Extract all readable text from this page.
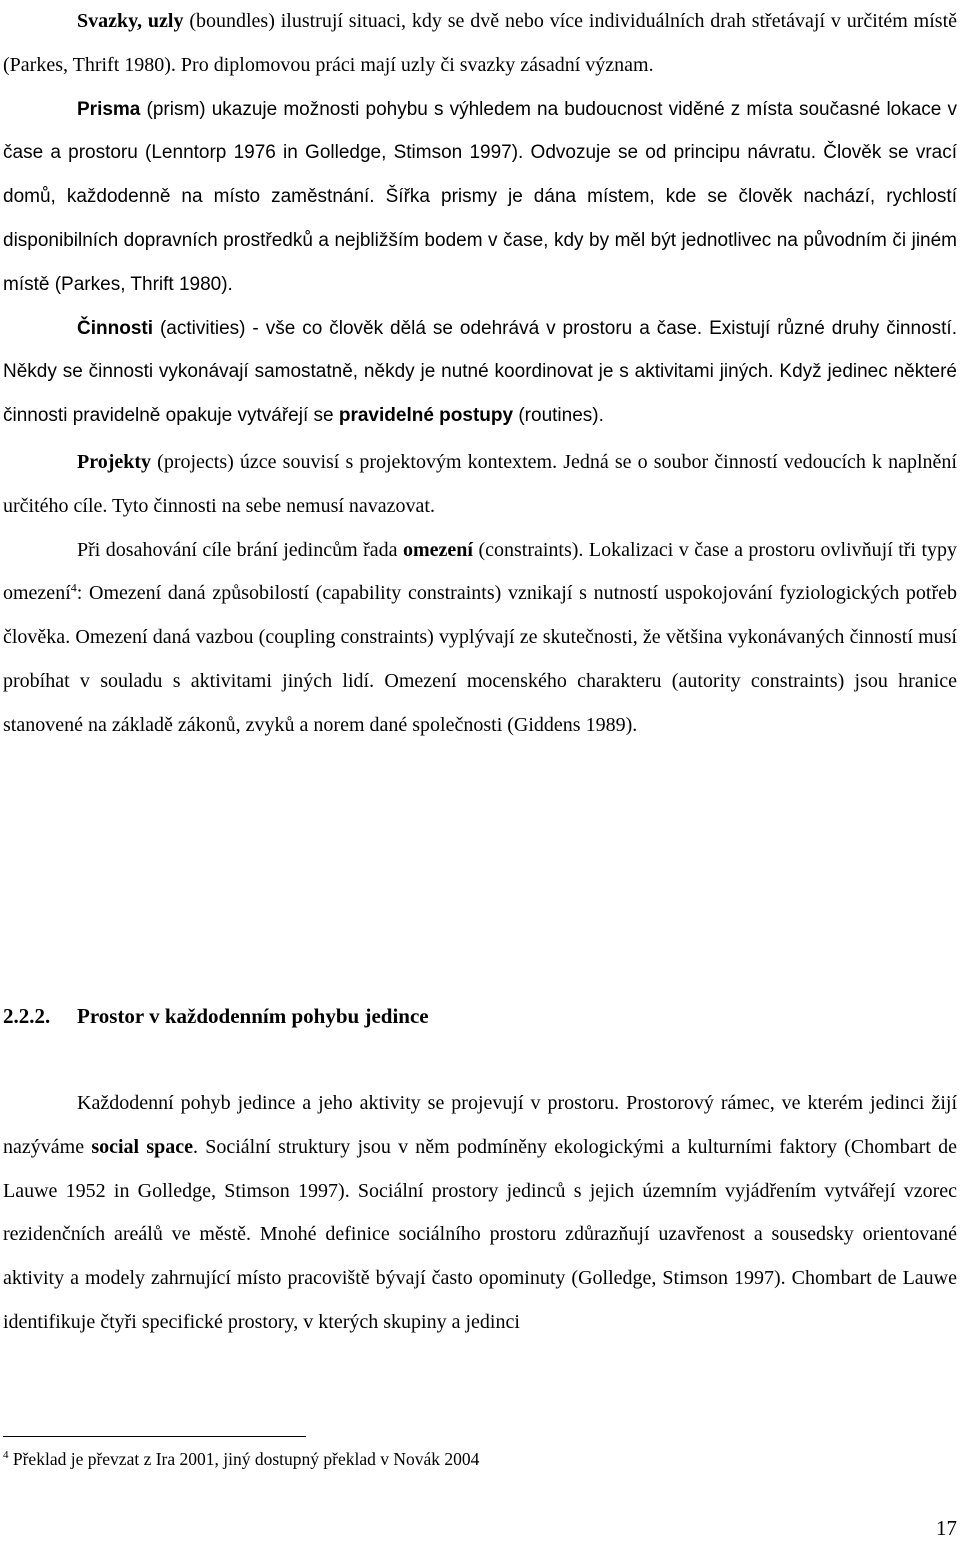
Svazky, uzly (boundles) ilustrují situaci, kdy se dvě nebo více individuálních drah střetávají v určitém místě (Parkes, Thrift 1980). Pro diplomovou práci mají uzly či svazky zásadní význam.

Prisma (prism) ukazuje možnosti pohybu s výhledem na budoucnost viděné z místa současné lokace v čase a prostoru (Lenntorp 1976 in Golledge, Stimson 1997). Odvozuje se od principu návratu. Člověk se vrací domů, každodenně na místo zaměstnání. Šířka prismy je dána místem, kde se člověk nachází, rychlostí disponibilních dopravních prostředků a nejbližším bodem v čase, kdy by měl být jednotlivec na původním či jiném místě (Parkes, Thrift 1980).

Činnosti (activities) - vše co člověk dělá se odehrává v prostoru a čase. Existují různé druhy činností. Někdy se činnosti vykonávají samostatně, někdy je nutné koordinovat je s aktivitami jiných. Když jedinec některé činnosti pravidelně opakuje vytvářejí se pravidelné postupy (routines).

Projekty (projects) úzce souvisí s projektovým kontextem. Jedná se o soubor činností vedoucích k naplnění určitého cíle. Tyto činnosti na sebe nemusí navazovat.

Při dosahování cíle brání jedincům řada omezení (constraints). Lokalizaci v čase a prostoru ovlivňují tři typy omezení$^4$: Omezení daná způsobilostí (capability constraints) vznikají s nutností uspokojování fyziologických potřeb člověka. Omezení daná vazbou (coupling constraints) vyplývají ze skutečnosti, že většina vykonávaných činností musí probíhat v souladu s aktivitami jiných lidí. Omezení mocenského charakteru (autority constraints) jsou hranice stanovené na základě zákonů, zvyků a norem dané společnosti (Giddens 1989).

2.2.2. Prostor v každodenním pohybu jedince

Každodenní pohyb jedince a jeho aktivity se projevují v prostoru. Prostorový rámec, ve kterém jedinci žijí nazýváme social space. Sociální struktury jsou v něm podmíněny ekologickými a kulturními faktory (Chombart de Lauwe 1952 in Golledge, Stimson 1997). Sociální prostory jedinců s jejich územním vyjádřením vytvářejí vzorec rezidenčních areálů ve městě. Mnohé definice sociálního prostoru zdůrazňují uzavřenost a sousedsky orientované aktivity a modely zahrnující místo pracoviště bývají často opominuty (Golledge, Stimson 1997). Chombart de Lauwe identifikuje čtyři specifické prostory, v kterých skupiny a jedinci

$^4$ Překlad je převzat z Ira 2001, jiný dostupný překlad v Novák 2004
17
